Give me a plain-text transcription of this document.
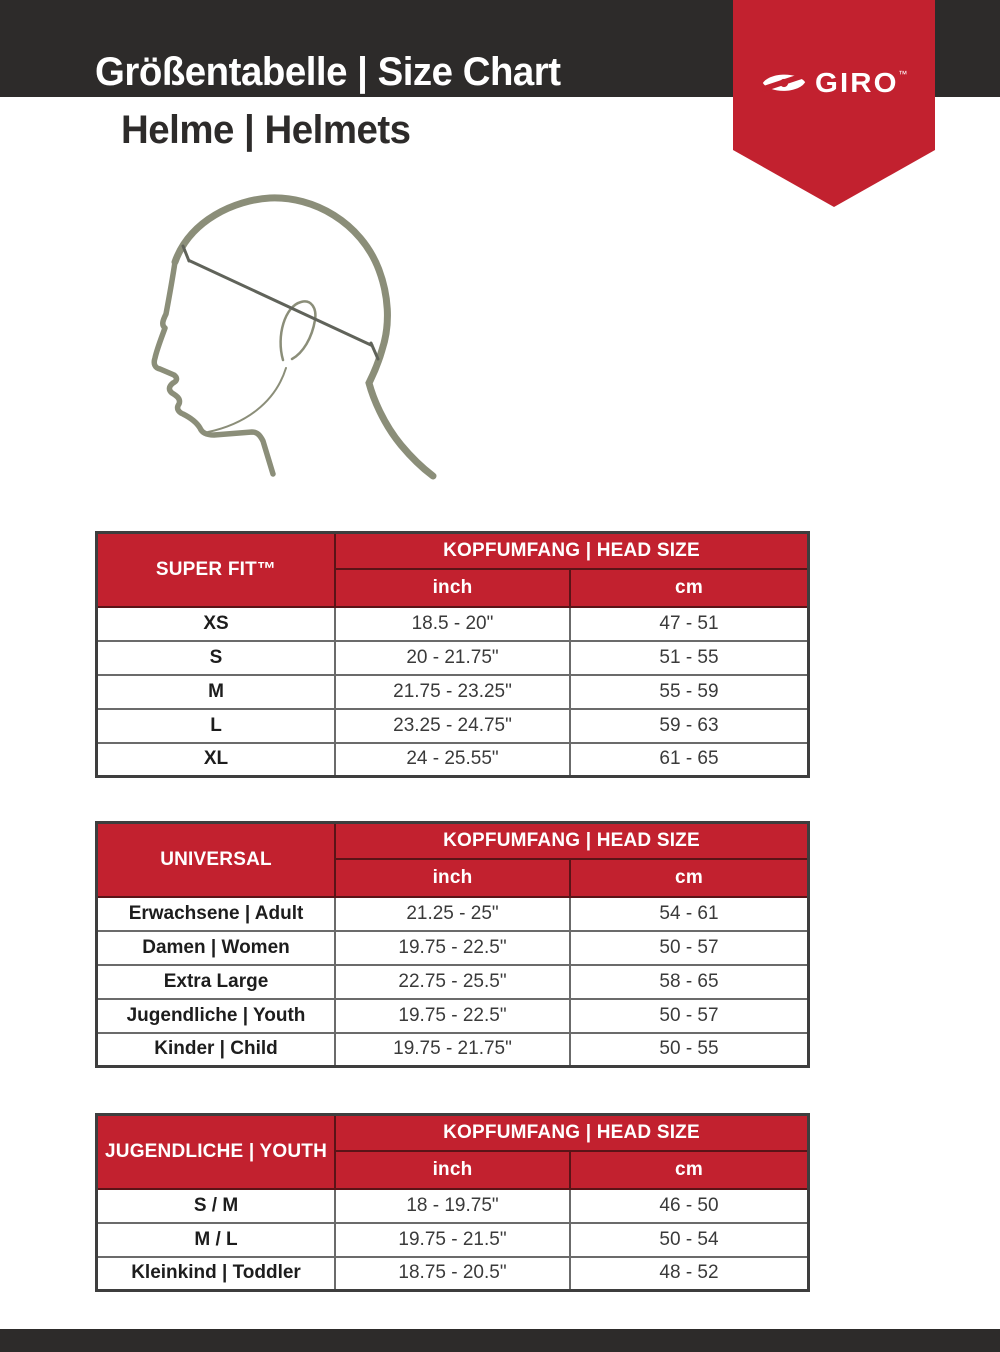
Größentabelle | Size Chart
Helme | Helmets
GIRO ™
SUPER FIT™	KOPFUMFANG | HEAD SIZE	
	inch	cm
XS	18.5 - 20"	47 - 51
S	20 - 21.75"	51 - 55
M	21.75 - 23.25"	55 - 59
L	23.25 - 24.75"	59 - 63
XL	24 - 25.55"	61 - 65
UNIVERSAL	KOPFUMFANG | HEAD SIZE	
	inch	cm
Erwachsene | Adult	21.25 - 25"	54 - 61
Damen | Women	19.75 - 22.5"	50 - 57
Extra Large	22.75 - 25.5"	58 - 65
Jugendliche | Youth	19.75 - 22.5"	50 - 57
Kinder | Child	19.75 - 21.75"	50 - 55
JUGENDLICHE | YOUTH	KOPFUMFANG | HEAD SIZE	
	inch	cm
S / M	18 - 19.75"	46 - 50
M / L	19.75 - 21.5"	50 - 54
Kleinkind | Toddler	18.75 - 20.5"	48 - 52
